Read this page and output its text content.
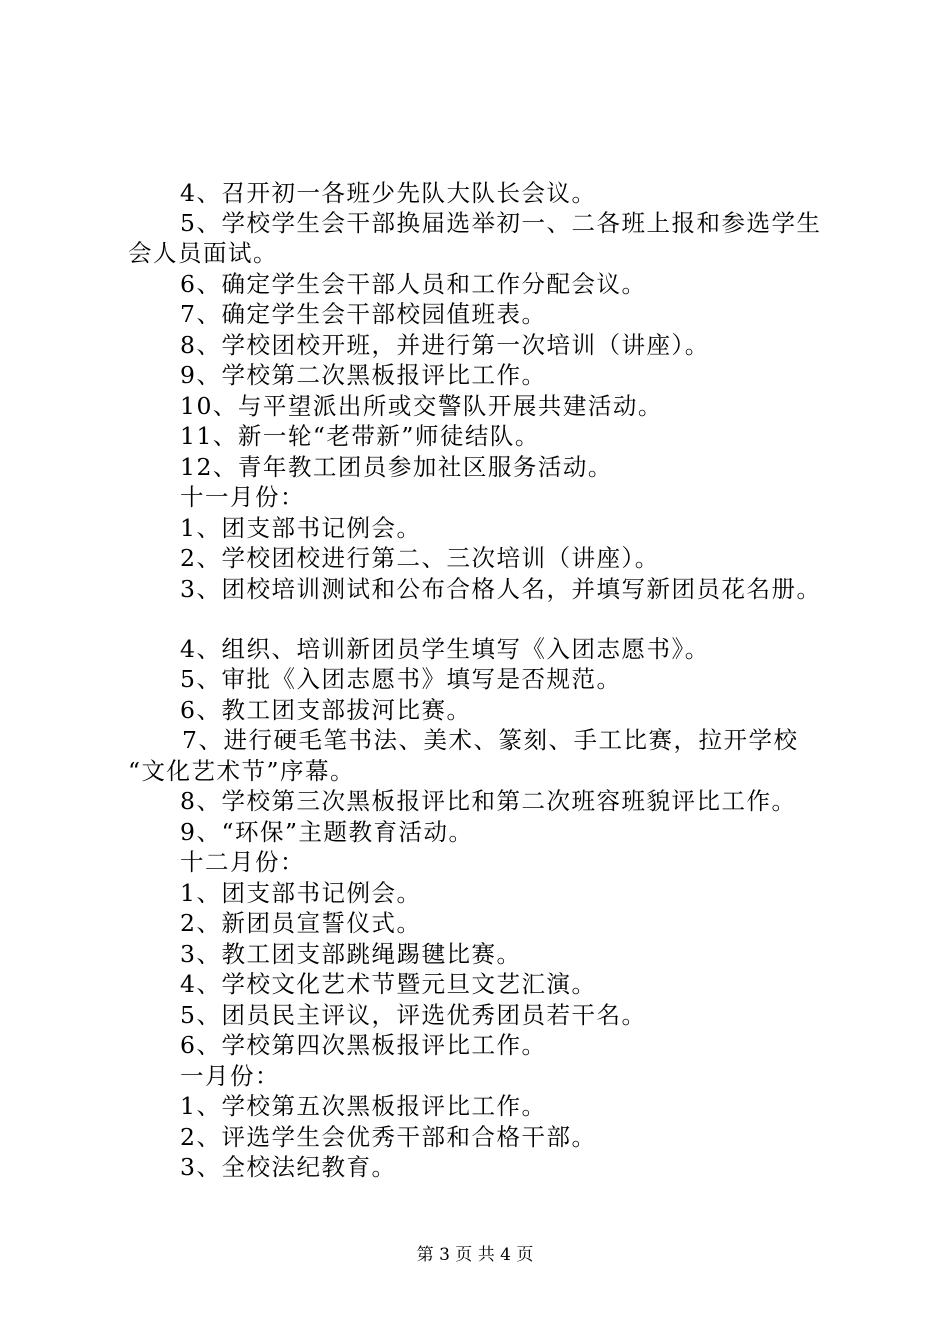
4、召开初一各班少先队大队长会议。
5、学校学生会干部换届选举初一、二各班上报和参选学生
会人员面试。
6、确定学生会干部人员和工作分配会议。
7、确定学生会干部校园值班表。
8、学校团校开班，并进行第一次培训（讲座）。
9、学校第二次黑板报评比工作。
10、与平望派出所或交警队开展共建活动。
11、新一轮“老带新”师徒结队。
12、青年教工团员参加社区服务活动。
十一月份：
1、团支部书记例会。
2、学校团校进行第二、三次培训（讲座）。
3、团校培训测试和公布合格人名，并填写新团员花名册。
4、组织、培训新团员学生填写《入团志愿书》。
5、审批《入团志愿书》填写是否规范。
6、教工团支部拔河比赛。
7、进行硬毛笔书法、美术、篆刻、手工比赛，拉开学校
“文化艺术节”序幕。
8、学校第三次黑板报评比和第二次班容班貌评比工作。
9、“环保”主题教育活动。
十二月份：
1、团支部书记例会。
2、新团员宣誓仪式。
3、教工团支部跳绳踢毽比赛。
4、学校文化艺术节暨元旦文艺汇演。
5、团员民主评议，评选优秀团员若干名。
6、学校第四次黑板报评比工作。
一月份：
1、学校第五次黑板报评比工作。
2、评选学生会优秀干部和合格干部。
3、全校法纪教育。
第 3 页 共 4 页
